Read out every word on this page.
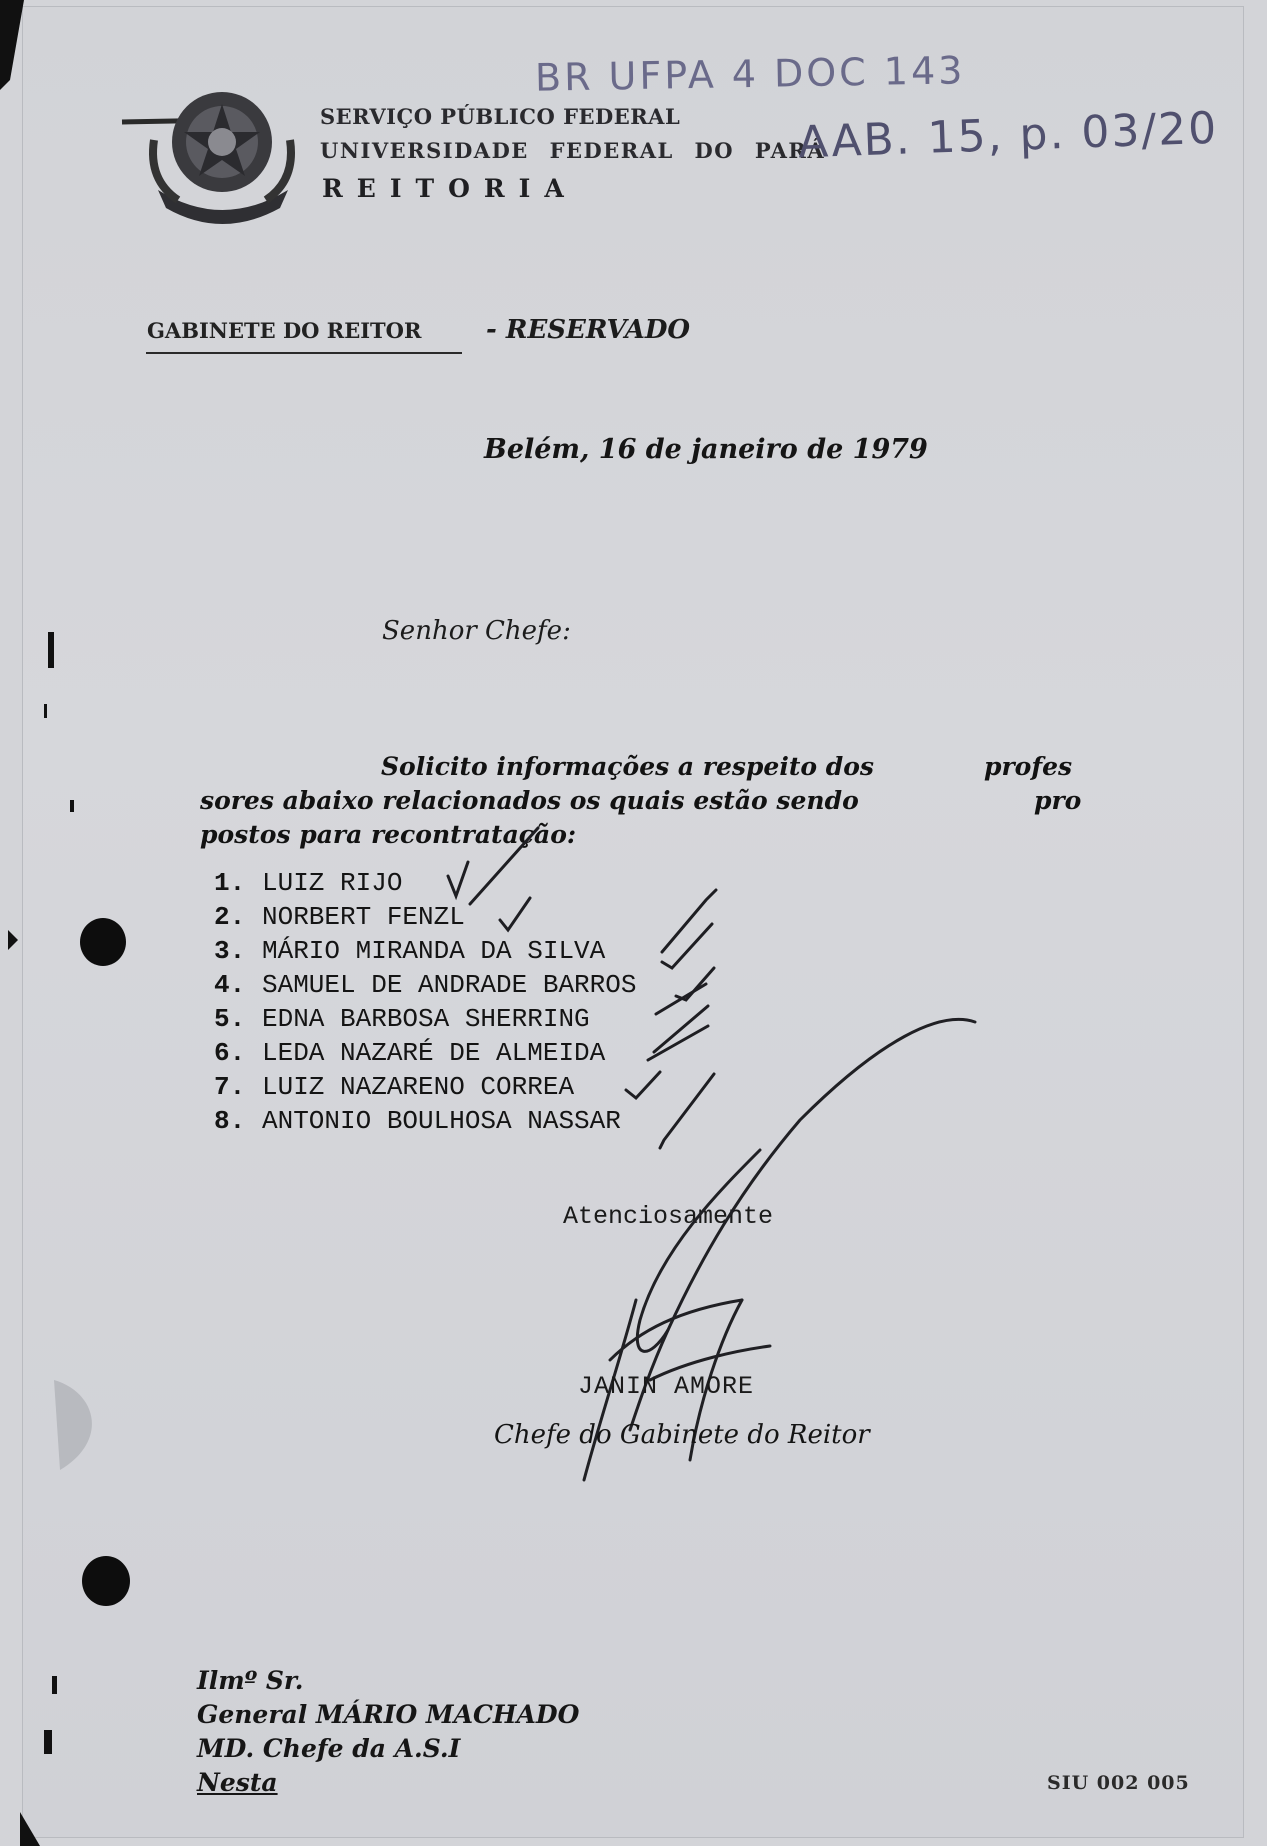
SERVIÇO PÚBLICO FEDERAL
UNIVERSIDADE FEDERAL DO PARÁ
REITORIA
BR UFPA 4 DOC 143
AAB. 15, p. 03/20
GABINETE DO REITOR - RESERVADO
Belém, 16 de janeiro de 1979
Senhor Chefe:
Solicito informações a respeito dos	profes
sores abaixo relacionados os quais estão sendo	pro
postos para recontratação:
1. LUIZ RIJO
2. NORBERT FENZL
3. MÁRIO MIRANDA DA SILVA
4. SAMUEL DE ANDRADE BARROS
5. EDNA BARBOSA SHERRING
6. LEDA NAZARÉ DE ALMEIDA
7. LUIZ NAZARENO CORREA
8. ANTONIO BOULHOSA NASSAR
Atenciosamente
JANIN AMORE
Chefe do Gabinete do Reitor
Ilmº Sr.
General MÁRIO MACHADO
MD. Chefe da A.S.I
Nesta	SIU 002 005
